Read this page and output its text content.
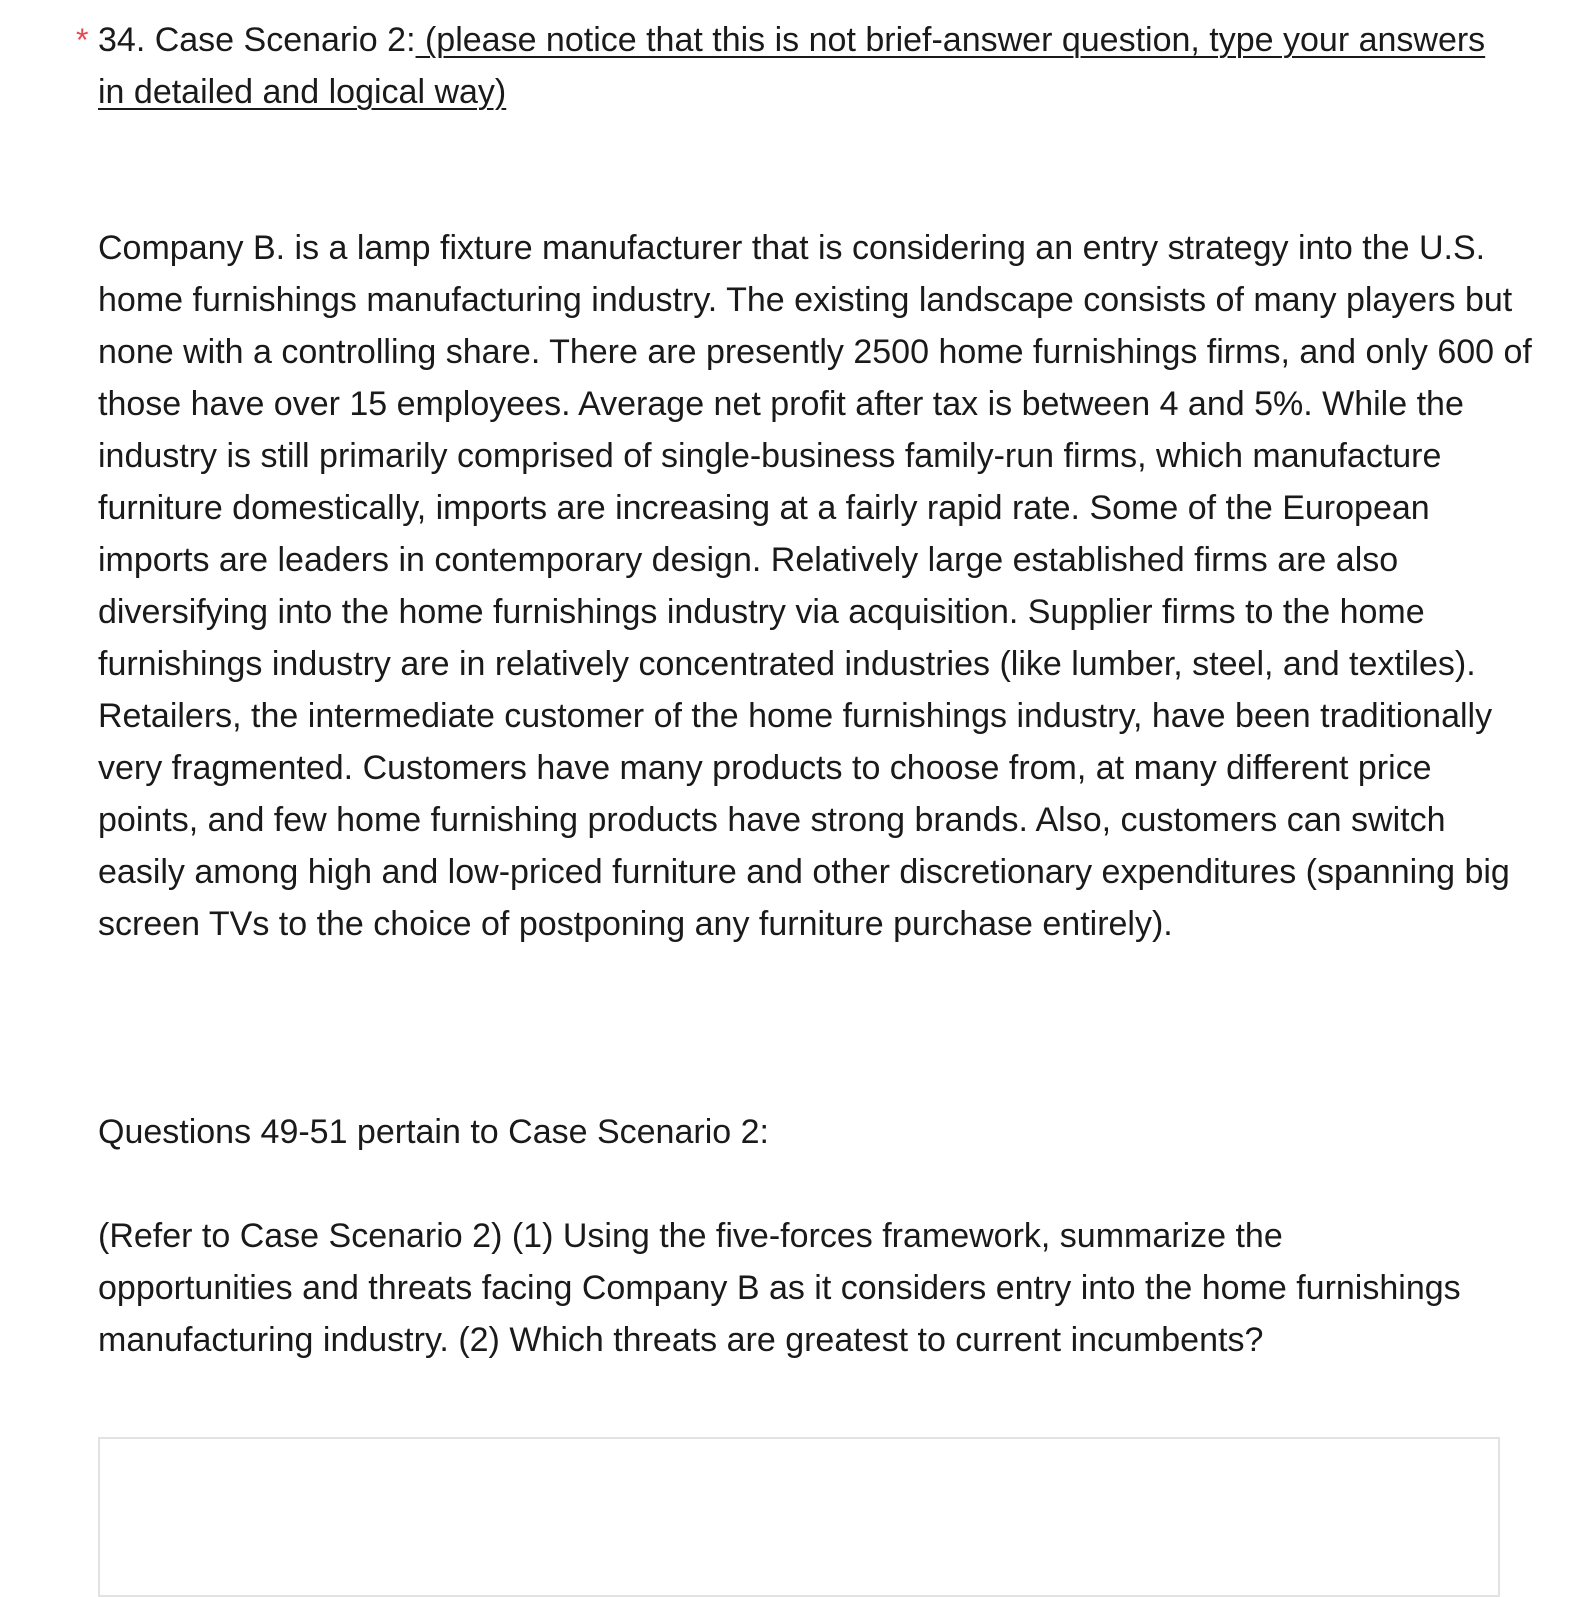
* 34. Case Scenario 2: (please notice that this is not brief-answer question, type your answers in detailed and logical way)

Company B. is a lamp fixture manufacturer that is considering an entry strategy into the U.S. home furnishings manufacturing industry. The existing landscape consists of many players but none with a controlling share. There are presently 2500 home furnishings firms, and only 600 of those have over 15 employees. Average net profit after tax is between 4 and 5%. While the industry is still primarily comprised of single-business family-run firms, which manufacture furniture domestically, imports are increasing at a fairly rapid rate. Some of the European imports are leaders in contemporary design. Relatively large established firms are also diversifying into the home furnishings industry via acquisition. Supplier firms to the home furnishings industry are in relatively concentrated industries (like lumber, steel, and textiles). Retailers, the intermediate customer of the home furnishings industry, have been traditionally very fragmented. Customers have many products to choose from, at many different price points, and few home furnishing products have strong brands. Also, customers can switch easily among high and low-priced furniture and other discretionary expenditures (spanning big screen TVs to the choice of postponing any furniture purchase entirely).

Questions 49-51 pertain to Case Scenario 2:

(Refer to Case Scenario 2) (1) Using the five-forces framework, summarize the opportunities and threats facing Company B as it considers entry into the home furnishings manufacturing industry. (2) Which threats are greatest to current incumbents?
